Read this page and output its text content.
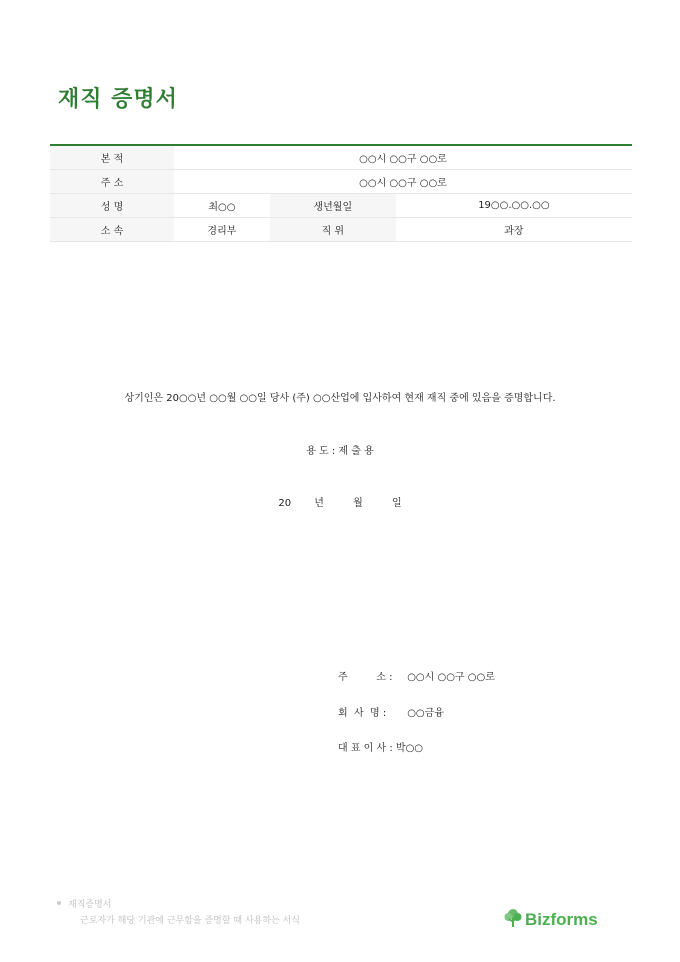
재직 증명서
본 적	○○시 ○○구 ○○로		
주 소	○○시 ○○구 ○○로		
성 명	최○○	생년월일	19○○.○○.○○
소 속	경리부	직 위	과장
상기인은 20○○년 ○○월 ○○일 당사 (주) ○○산업에 입사하여 현재 재직 중에 있음을 증명합니다.
용 도 : 제 출 용
20 년	월	일
주         소 : ○○시 ○○구 ○○로
회  사  명 : ○○금융
대 표 이 사 : 박○○
재직증명서
근로자가 해당 기관에 근무함을 증명할 때 사용하는 서식	Bizforms
